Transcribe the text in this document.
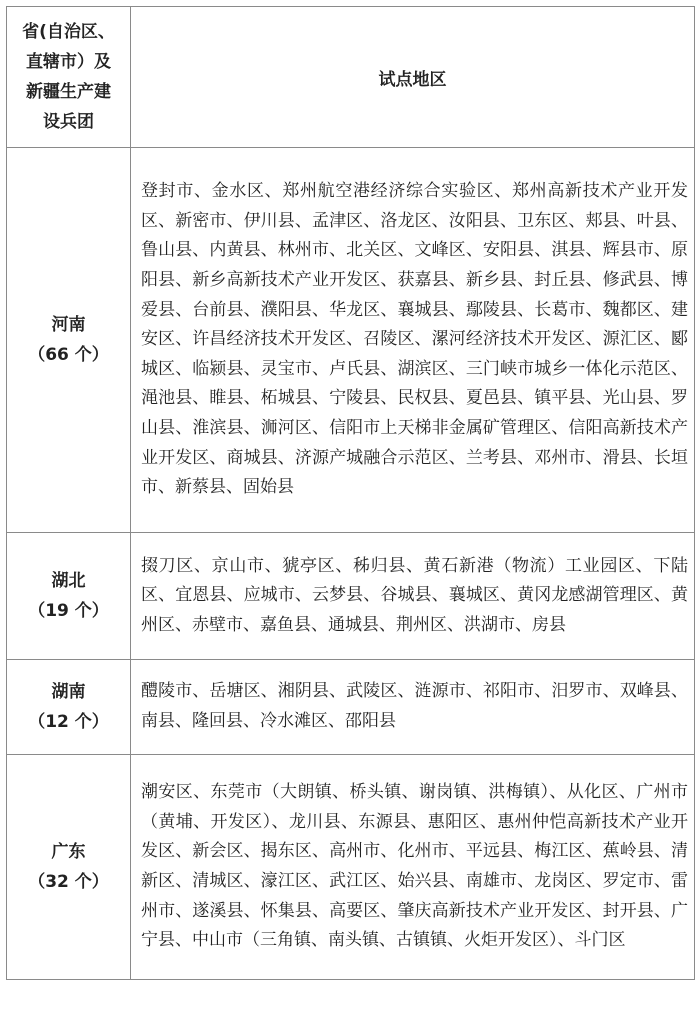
省(自治区、
直辖市）及
新疆生产建
设兵团	试点地区

河南
（66 个）	登封市、金水区、郑州航空港经济综合实验区、郑州高新技术产业开发区、新密市、伊川县、孟津区、洛龙区、汝阳县、卫东区、郏县、叶县、鲁山县、内黄县、林州市、北关区、文峰区、安阳县、淇县、辉县市、原阳县、新乡高新技术产业开发区、获嘉县、新乡县、封丘县、修武县、博爱县、台前县、濮阳县、华龙区、襄城县、鄢陵县、长葛市、魏都区、建安区、许昌经济技术开发区、召陵区、漯河经济技术开发区、源汇区、郾城区、临颍县、灵宝市、卢氏县、湖滨区、三门峡市城乡一体化示范区、渑池县、睢县、柘城县、宁陵县、民权县、夏邑县、镇平县、光山县、罗山县、淮滨县、浉河区、信阳市上天梯非金属矿管理区、信阳高新技术产业开发区、商城县、济源产城融合示范区、兰考县、邓州市、滑县、长垣市、新蔡县、固始县

湖北
（19 个）	掇刀区、京山市、猇亭区、秭归县、黄石新港（物流）工业园区、下陆区、宜恩县、应城市、云梦县、谷城县、襄城区、黄冈龙感湖管理区、黄州区、赤壁市、嘉鱼县、通城县、荆州区、洪湖市、房县

湖南
（12 个）	醴陵市、岳塘区、湘阴县、武陵区、涟源市、祁阳市、汨罗市、双峰县、南县、隆回县、冷水滩区、邵阳县

广东
（32 个）	潮安区、东莞市（大朗镇、桥头镇、谢岗镇、洪梅镇）、从化区、广州市（黄埔、开发区）、龙川县、东源县、惠阳区、惠州仲恺高新技术产业开发区、新会区、揭东区、高州市、化州市、平远县、梅江区、蕉岭县、清新区、清城区、濠江区、武江区、始兴县、南雄市、龙岗区、罗定市、雷州市、遂溪县、怀集县、高要区、肇庆高新技术产业开发区、封开县、广宁县、中山市（三角镇、南头镇、古镇镇、火炬开发区）、斗门区
